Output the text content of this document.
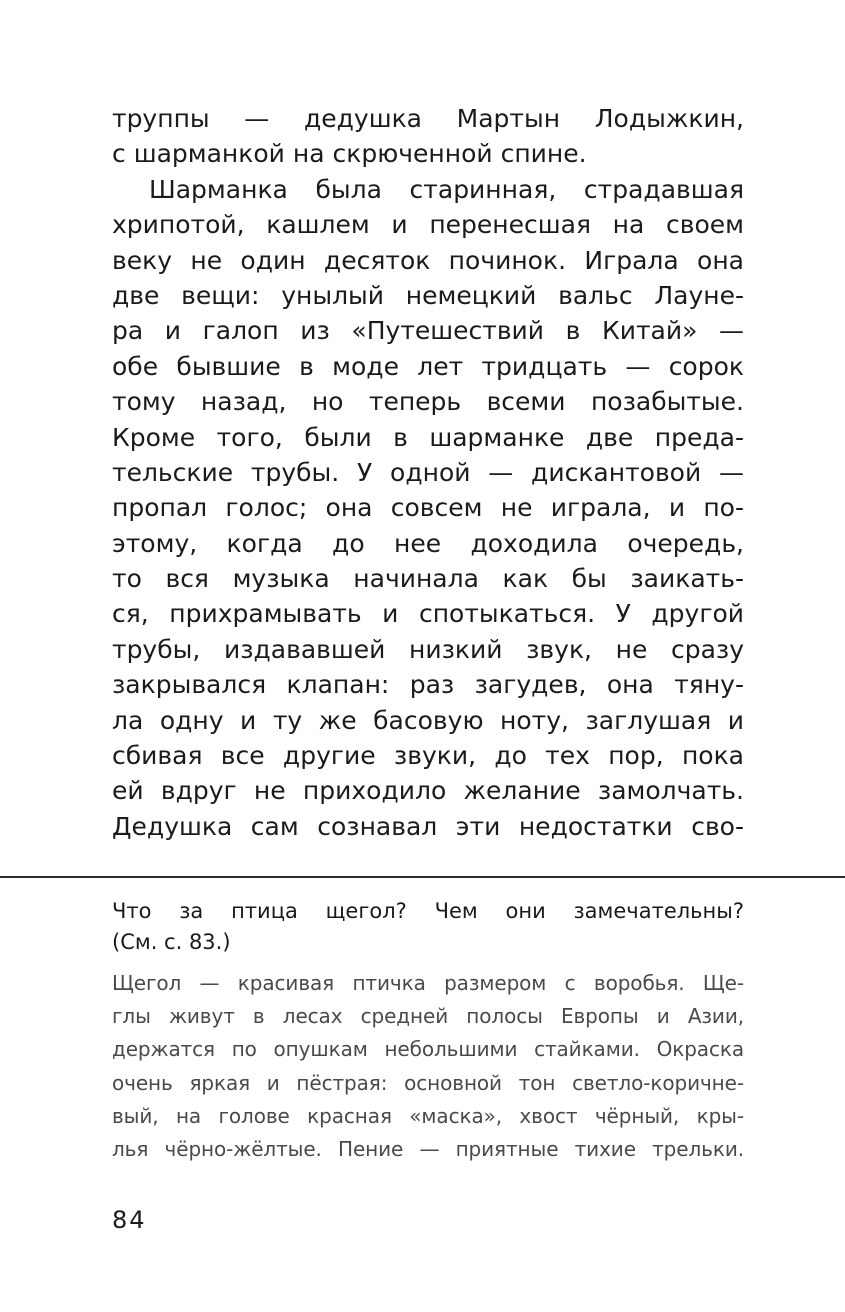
труппы — дедушка Мартын Лодыжкин,
с шарманкой на скрюченной спине.
Шарманка была старинная, страдавшая
хрипотой, кашлем и перенесшая на своем
веку не один десяток починок. Играла она
две вещи: унылый немецкий вальс Лауне-
ра и галоп из «Путешествий в Китай» —
обе бывшие в моде лет тридцать — сорок
тому назад, но теперь всеми позабытые.
Кроме того, были в шарманке две преда-
тельские трубы. У одной — дискантовой —
пропал голос; она совсем не играла, и по-
этому, когда до нее доходила очередь,
то вся музыка начинала как бы заикать-
ся, прихрамывать и спотыкаться. У другой
трубы, издававшей низкий звук, не сразу
закрывался клапан: раз загудев, она тяну-
ла одну и ту же басовую ноту, заглушая и
сбивая все другие звуки, до тех пор, пока
ей вдруг не приходило желание замолчать.
Дедушка сам сознавал эти недостатки сво-
Что за птица щегол? Чем они замечательны?
(См. с. 83.)
Щегол — красивая птичка размером с воробья. Ще-
глы живут в лесах средней полосы Европы и Азии,
держатся по опушкам небольшими стайками. Окраска
очень яркая и пёстрая: основной тон светло-коричне-
вый, на голове красная «маска», хвост чёрный, кры-
лья чёрно-жёлтые. Пение — приятные тихие трельки.
84
